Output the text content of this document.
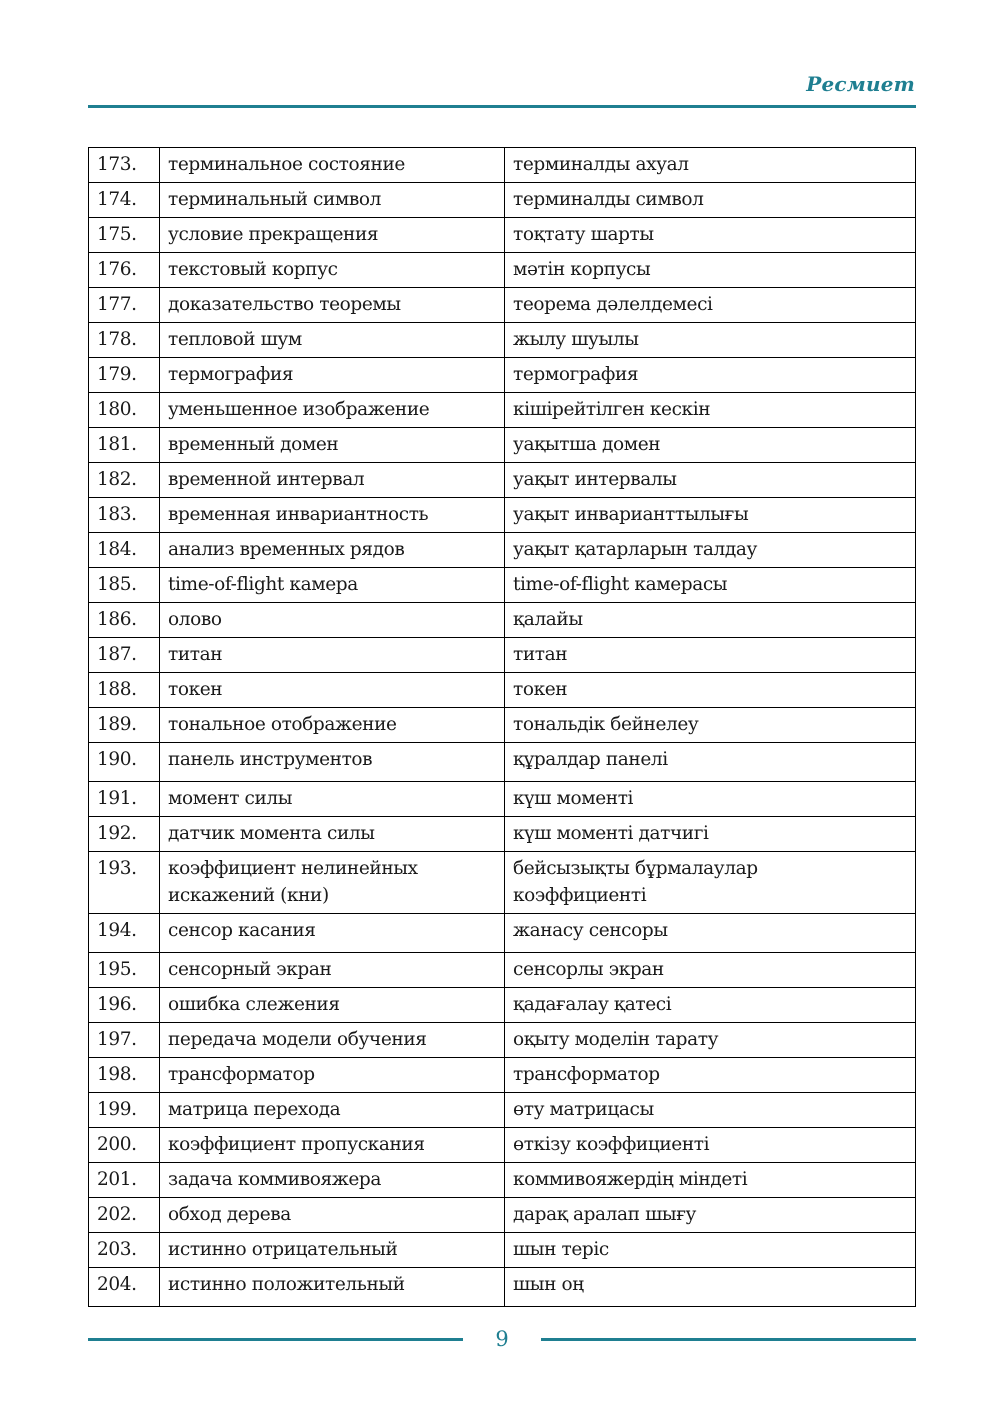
Ресмиет
173.	терминальное состояние	терминалды ахуал
174.	терминальный символ	терминалды символ
175.	условие прекращения	тоқтату шарты
176.	текстовый корпус	мәтін корпусы
177.	доказательство теоремы	теорема дәлелдемесі
178.	тепловой шум	жылу шуылы
179.	термография	термография
180.	уменьшенное изображение	кішірейтілген кескін
181.	временный домен	уақытша домен
182.	временной интервал	уақыт интервалы
183.	временная инвариантность	уақыт инварианттылығы
184.	анализ временных рядов	уақыт қатарларын талдау
185.	time-of-flight камера	time-of-flight камерасы
186.	олово	қалайы
187.	титан	титан
188.	токен	токен
189.	тональное отображение	тональдік бейнелеу
190.	панель инструментов	құралдар панелі
191.	момент силы	күш моменті
192.	датчик момента силы	күш моменті датчигі
193.	коэффициент нелинейных искажений (кни)	бейсызықты бұрмалаулар коэффициенті
194.	сенсор касания	жанасу сенсоры
195.	сенсорный экран	сенсорлы экран
196.	ошибка слежения	қадағалау қатесі
197.	передача модели обучения	оқыту моделін тарату
198.	трансформатор	трансформатор
199.	матрица перехода	өту матрицасы
200.	коэффициент пропускания	өткізу коэффициенті
201.	задача коммивояжера	коммивояжердің міндеті
202.	обход дерева	дарақ аралап шығу
203.	истинно отрицательный	шын теріс
204.	истинно положительный	шын оң
9
